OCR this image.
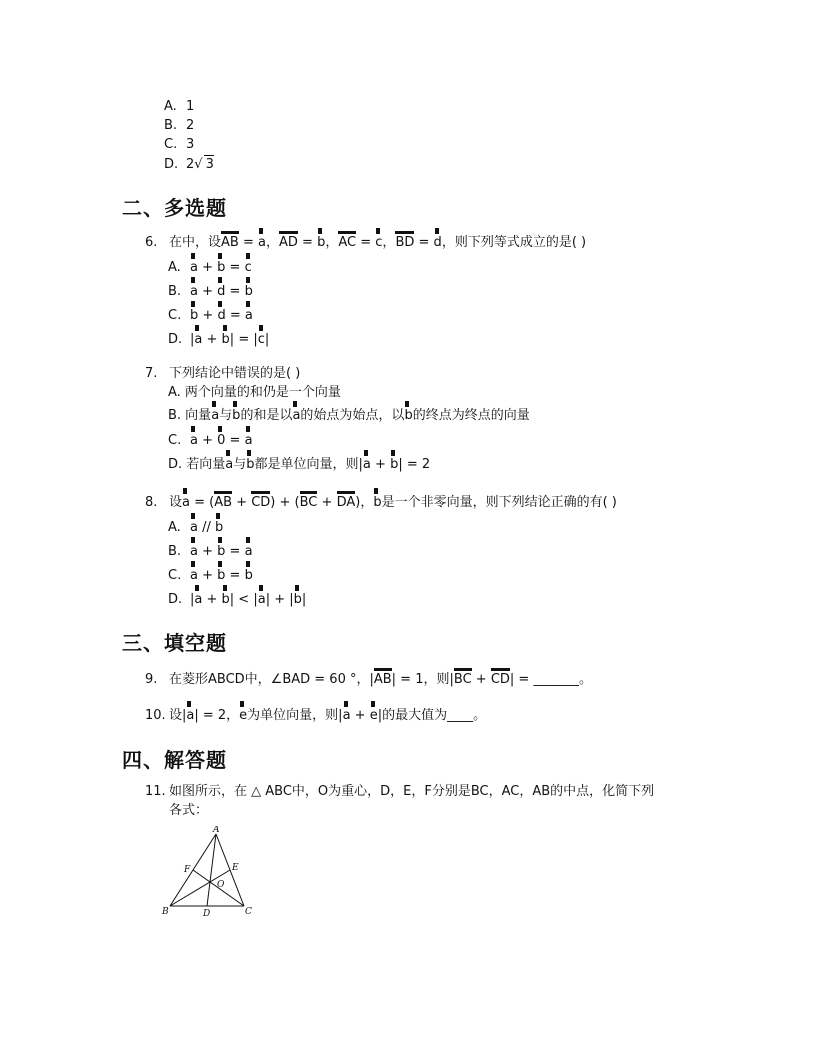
A. 1
B. 2
C. 3
D. 2√ 3
二、多选题
6. 在中，设AB = a，AD = b，AC = c，BD = d，则下列等式成立的是( )
A. a + b = c
B. a + d = b
C. b + d = a
D. |a + b| = |c|
7. 下列结论中错误的是( )
A. 两个向量的和仍是一个向量
B. 向量a与b的和是以a的始点为始点，以b的终点为终点的向量
C. a + 0 = a
D. 若向量a与b都是单位向量，则|a + b| = 2
8. 设a = (AB + CD) + (BC + DA)，b是一个非零向量，则下列结论正确的有( )
A. a // b
B. a + b = a
C. a + b = b
D. |a + b| < |a| + |b|
三、填空题
9. 在菱形ABCD中，∠BAD = 60 °，|AB| = 1，则|BC + CD| = _______。
10. 设|a| = 2，e为单位向量，则|a + e|的最大值为____。
四、解答题
11. 如图所示，在 △ ABC中，O为重心，D，E，F分别是BC，AC，AB的中点，化简下列
各式：
A
B	C
D
E
F
O
